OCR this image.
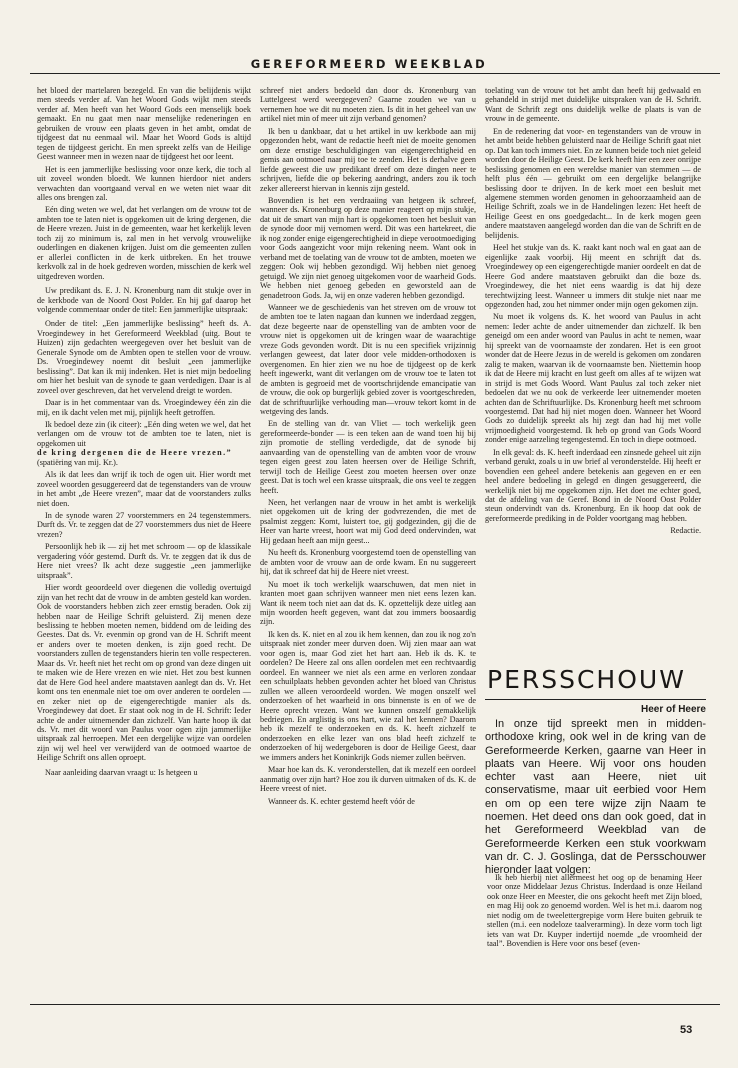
GEREFORMEERD WEEKBLAD

het bloed der martelaren bezegeld. En van die belijdenis wijkt men steeds verder af. Van het Woord Gods wijkt men steeds verder af. Men heeft van het Woord Gods een menselijk boek gemaakt. En nu gaat men naar menselijke redeneringen en gebruiken de vrouw een plaats geven in het ambt, omdat de tijdgeest dat nu eenmaal wil. Maar het Woord Gods is altijd tegen de tijdgeest gericht. En men spreekt zelfs van de Heilige Geest wanneer men in wezen naar de tijdgeest het oor leent.

Het is een jammerlijke beslissing voor onze kerk, die toch al uit zoveel wonden bloedt. We kunnen hierdoor niet anders verwachten dan voortgaand verval en we weten niet waar dit alles ons brengen zal.

Eén ding weten we wel, dat het verlangen om de vrouw tot de ambten toe te laten niet is opgekomen uit de kring dergenen, die de Heere vrezen. Juist in de gemeenten, waar het kerkelijk leven toch zij zo minimum is, zal men in het vervolg vrouwelijke ouderlingen en diakenen krijgen. Juist om die gemeenten zullen er allerlei conflicten in de kerk uitbreken. En het trouwe kerkvolk zal in de hoek gedreven worden, misschien de kerk wel uitgedreven worden.

Uw predikant ds. E. J. N. Kronenburg nam dit stukje over in de kerkbode van de Noord Oost Polder. En hij gaf daarop het volgende commentaar onder de titel: Een jammerlijke uitspraak:

Onder de titel: „Een jammerlijke beslissing” heeft ds. A. Vroegindewey in het Gereformeerd Weekblad (uitg. Bout te Huizen) zijn gedachten weergegeven over het besluit van de Generale Synode om de Ambten open te stellen voor de vrouw. Ds. Vroegindewey noemt dit besluit „een jammerlijke beslissing”. Dat kan ik mij indenken. Het is niet mijn bedoeling om hier het besluit van de synode te gaan verdedigen. Daar is al zoveel over geschreven, dat het vervelend dreigt te worden.

Daar is in het commentaar van ds. Vroegindewey één zin die mij, en ik dacht velen met mij, pijnlijk heeft getroffen.

Ik bedoel deze zin (ik citeer): „Eén ding weten we wel, dat het verlangen om de vrouw tot de ambten toe te laten, niet is opgekomen uit

de kring dergenen die de Heere vrezen.”

(spatiëring van mij. Kr.).

Als ik dat lees dan wrijf ik toch de ogen uit. Hier wordt met zoveel woorden gesuggereerd dat de tegenstanders van de vrouw in het ambt „de Heere vrezen”, maar dat de voorstanders zulks niet doen.

In de synode waren 27 voorstemmers en 24 tegenstemmers. Durft ds. Vr. te zeggen dat de 27 voorstemmers dus niet de Heere vrezen?

Persoonlijk heb ik — zij het met schroom — op de klassikale vergadering vóór gestemd. Durft ds. Vr. te zeggen dat ik dus de Here niet vrees? Ik acht deze suggestie „een jammerlijke uitspraak”.

Hier wordt geoordeeld over diegenen die volledig overtuigd zijn van het recht dat de vrouw in de ambten gesteld kan worden. Ook de voorstanders hebben zich zeer ernstig beraden. Ook zij hebben naar de Heilige Schrift geluisterd. Zij menen deze beslissing te hebben moeten nemen, biddend om de leiding des Geestes. Dat ds. Vr. evenmin op grond van de H. Schrift meent er anders over te moeten denken, is zijn goed recht. De voorstanders zullen de tegenstanders hierin ten volle respecteren. Maar ds. Vr. heeft niet het recht om op grond van deze dingen uit te maken wie de Here vrezen en wie niet. Het zou best kunnen dat de Here God heel andere maatstaven aanlegt dan ds. Vr. Het komt ons ten enenmale niet toe om over anderen te oordelen — en zeker niet op de eigengerechtigde manier als ds. Vroegindewey dat doet. Er staat ook nog in de H. Schrift: Ieder achte de ander uitnemender dan zichzelf. Van harte hoop ik dat ds. Vr. met dit woord van Paulus voor ogen zijn jammerlijke uitspraak zal herroepen. Met een dergelijke wijze van oordelen zijn wij wel heel ver verwijderd van de ootmoed waartoe de Heilige Schrift ons allen oproept.

Naar aanleiding daarvan vraagt u: Is hetgeen u

schreef niet anders bedoeld dan door ds. Kronenburg van Luttelgeest werd weergegeven? Gaarne zouden we van u vernemen hoe we dit nu moeten zien. Is dit in het geheel van uw artikel niet min of meer uit zijn verband genomen?

Ik ben u dankbaar, dat u het artikel in uw kerkbode aan mij opgezonden hebt, want de redactie heeft niet de moeite genomen om deze ernstige beschuldigingen van eigengerechtigheid en gemis aan ootmoed naar mij toe te zenden. Het is derhalve geen liefde geweest die uw predikant dreef om deze dingen neer te schrijven, liefde die op bekering aandringt, anders zou ik toch zeker allereerst hiervan in kennis zijn gesteld.

Bovendien is het een verdraaiing van hetgeen ik schreef, wanneer ds. Kronenburg op deze manier reageert op mijn stukje, dat uit de smart van mijn hart is opgekomen toen het besluit van de synode door mij vernomen werd. Dit was een hartekreet, die ik nog zonder enige eigengerechtigheid in diepe verootmoediging voor Gods aangezicht voor mijn rekening neem. Want ook in verband met de toelating van de vrouw tot de ambten, moeten we zeggen: Ook wij hebben gezondigd. Wij hebben niet genoeg getuigd. We zijn niet genoeg uitgekomen voor de waarheid Gods. We hebben niet genoeg gebeden en geworsteld aan de genadetroon Gods. Ja, wij en onze vaderen hebben gezondigd.

Wanneer we de geschiedenis van het streven om de vrouw tot de ambten toe te laten nagaan dan kunnen we inderdaad zeggen, dat deze begeerte naar de openstelling van de ambten voor de vrouw niet is opgekomen uit de kringen waar de waarachtige vreze Gods gevonden wordt. Dit is nu een specifiek vrijzinnig verlangen geweest, dat later door vele midden-orthodoxen is overgenomen. En hier zien we nu hoe de tijdgeest op de kerk heeft ingewerkt, want dit verlangen om de vrouw toe te laten tot de ambten is gegroeid met de voortschrijdende emancipatie van de vrouw, die ook op burgerlijk gebied zover is voortgeschreden, dat de schriftuurlijke verhouding man—vrouw tekort komt in de wetgeving des lands.

En de stelling van dr. van Vliet — toch werkelijk geen gereformeerde-bonder — is een teken aan de wand toen hij bij zijn promotie de stelling verdedigde, dat de synode bij aanvaarding van de openstelling van de ambten voor de vrouw tegen eigen geest zou laten heersen over de Heilige Schrift, terwijl toch de Heilige Geest zou moeten heersen over onze geest. Dat is toch wel een krasse uitspraak, die ons veel te zeggen heeft.

Neen, het verlangen naar de vrouw in het ambt is werkelijk niet opgekomen uit de kring der godvrezenden, die met de psalmist zeggen: Komt, luistert toe, gij godgezinden, gij die de Heer van harte vreest, hoort wat mij God deed ondervinden, wat Hij gedaan heeft aan mijn geest...

Nu heeft ds. Kronenburg voorgestemd toen de openstelling van de ambten voor de vrouw aan de orde kwam. En nu suggereert hij, dat ik schreef dat hij de Heere niet vreest.

Nu moet ik toch werkelijk waarschuwen, dat men niet in kranten moet gaan schrijven wanneer men niet eens lezen kan. Want ik neem toch niet aan dat ds. K. opzettelijk deze uitleg aan mijn woorden heeft gegeven, want dat zou immers boosaardig zijn.

Ik ken ds. K. niet en al zou ik hem kennen, dan zou ik nog zo'n uitspraak niet zonder meer durven doen. Wij zien maar aan wat voor ogen is, maar God ziet het hart aan. Heb ik ds. K. te oordelen? De Heere zal ons allen oordelen met een rechtvaardig oordeel. En wanneer we niet als een arme en verloren zondaar een schuilplaats hebben gevonden achter het bloed van Christus zullen we alleen veroordeeld worden. We mogen onszelf wel onderzoeken of het waarheid in ons binnenste is en of we de Heere oprecht vrezen. Want we kunnen onszelf gemakkelijk bedriegen. En arglistig is ons hart, wie zal het kennen? Daarom heb ik mezelf te onderzoeken en ds. K. heeft zichzelf te onderzoeken en elke lezer van ons blad heeft zichzelf te onderzoeken of hij wedergeboren is door de Heilige Geest, daar we immers anders het Koninkrijk Gods niemer zullen beërven.

Maar hoe kan ds. K. veronderstellen, dat ik mezelf een oordeel aanmatig over zijn hart? Hoe zou ik durven uitmaken of ds. K. de Heere vreest of niet.

Wanneer ds. K. echter gestemd heeft vóór de

toelating van de vrouw tot het ambt dan heeft hij gedwaald en gehandeld in strijd met duidelijke uitspraken van de H. Schrift. Want de Schrift zegt ons duidelijk welke de plaats is van de vrouw in de gemeente.

En de redenering dat voor- en tegenstanders van de vrouw in het ambt beide hebben geluisterd naar de Heilige Schrift gaat niet op. Dat kan toch immers niet. En ze kunnen beide toch niet geleid worden door de Heilige Geest. De kerk heeft hier een zeer onrijpe beslissing genomen en een wereldse manier van stemmen — de helft plus één — gebruikt om een dergelijke belangrijke beslissing door te drijven. In de kerk moet een besluit met algemene stemmen worden genomen in gehoorzaamheid aan de Heilige Schrift, zoals we in de Handelingen lezen: Het heeft de Heilige Geest en ons goedgedacht... In de kerk mogen geen andere maatstaven aangelegd worden dan die van de Schrift en de belijdenis.

Heel het stukje van ds. K. raakt kant noch wal en gaat aan de eigenlijke zaak voorbij. Hij meent en schrijft dat ds. Vroegindewey op een eigengerechtigde manier oordeelt en dat de Heere God andere maatstaven gebruikt dan die boze ds. Vroegindewey, die het niet eens waardig is dat hij deze terechtwijzing leest. Wanneer u immers dit stukje niet naar me opgezonden had, zou het nimmer onder mijn ogen gekomen zijn.

Nu moet ik volgens ds. K. het woord van Paulus in acht nemen: Ieder achte de ander uitnemender dan zichzelf. Ik ben geneigd om een ander woord van Paulus in acht te nemen, waar hij spreekt van de voornaamste der zondaren. Het is een groot wonder dat de Heere Jezus in de wereld is gekomen om zondaren zalig te maken, waarvan ik de voornaamste ben. Niettemin hoop ik dat de Heere mij kracht en lust geeft om alles af te wijzen wat in strijd is met Gods Woord. Want Paulus zal toch zeker niet bedoelen dat we nu ook de verkeerde leer uitnemender moeten achten dan de Schriftuurlijke. Ds. Kronenburg heeft met schroom voorgestemd. Dat had hij niet mogen doen. Wanneer het Woord Gods zo duidelijk spreekt als hij zegt dan had hij met volle vrijmoedigheid voorgestemd. Ik heb op grond van Gods Woord zonder enige aarzeling tegengestemd. En toch in diepe ootmoed.

In elk geval: ds. K. heeft inderdaad een zinsnede geheel uit zijn verband gerukt, zoals u in uw brief al veronderstelde. Hij heeft er bovendien een geheel andere betekenis aan gegeven en er een heel andere bedoeling in gelegd en dingen gesuggereerd, die werkelijk niet bij me opgekomen zijn. Het doet me echter goed, dat de afdeling van de Geref. Bond in de Noord Oost Polder steun ondervindt van ds. Kronenburg. En ik hoop dat ook de gereformeerde prediking in de Polder voortgang mag hebben.

Redactie.

PERSSCHOUW
Heer of Heere

In onze tijd spreekt men in midden-orthodoxe kring, ook wel in de kring van de Gereformeerde Kerken, gaarne van Heer in plaats van Heere. Wij voor ons houden echter vast aan Heere, niet uit conservatisme, maar uit eerbied voor Hem en om op een tere wijze zijn Naam te noemen. Het deed ons dan ook goed, dat in het Gereformeerd Weekblad van de Gereformeerde Kerken een stuk voorkwam van dr. C. J. Goslinga, dat de Persschouwer hieronder laat volgen:

Ik heb hierbij niet allermeest het oog op de benaming Heer voor onze Middelaar Jezus Christus. Inderdaad is onze Heiland ook onze Heer en Meester, die ons gekocht heeft met Zijn bloed, en mag Hij ook zo genoemd worden. Wel is het m.i. daarom nog niet nodig om de tweelettergrepige vorm Here buiten gebruik te stellen (m.i. een nodeloze taalverarming). In deze vorm toch ligt iets van wat Dr. Kuyper indertijd noemde „de vroomheid der taal”. Bovendien is Here voor ons besef (even-

53
